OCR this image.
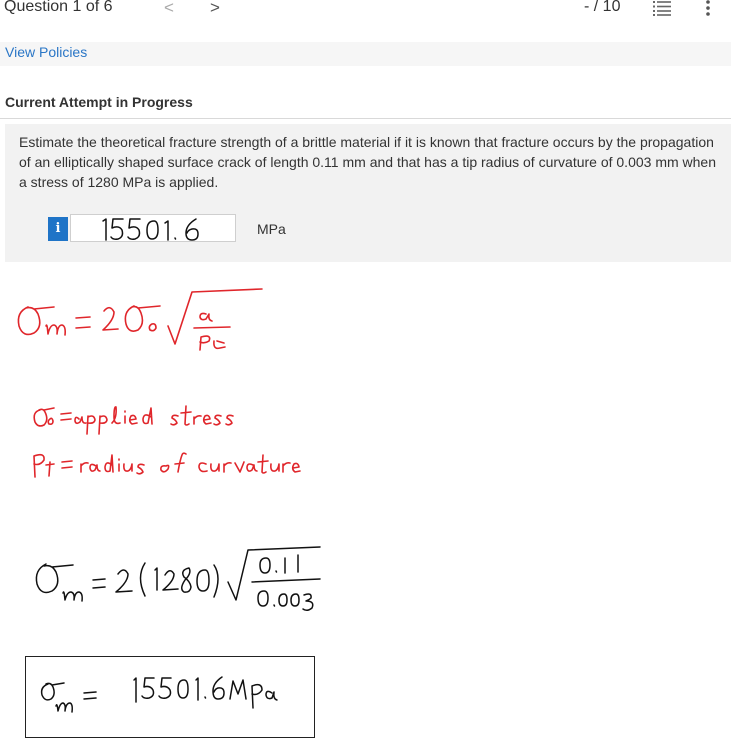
Question 1 of 6	< >	- / 10
View Policies
Current Attempt in Progress
Estimate the theoretical fracture strength of a brittle material if it is known that fracture occurs by the propagation of an elliptically shaped surface crack of length 0.11 mm and that has a tip radius of curvature of 0.003 mm when a stress of 1280 MPa is applied.
i	MPa
